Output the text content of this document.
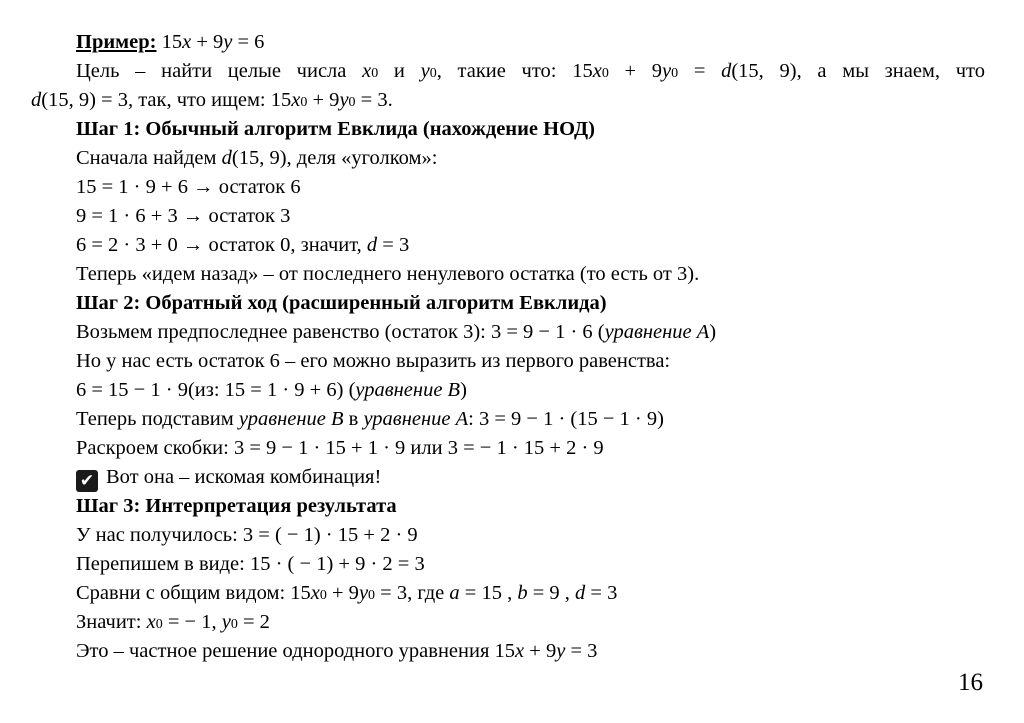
Пример: 15x + 9y = 6
Цель – найти целые числа x0 и y0, такие что: 15x0 + 9y0 = d(15, 9), а мы знаем, что
d(15, 9) = 3, так, что ищем: 15x0 + 9y0 = 3.
Шаг 1: Обычный алгоритм Евклида (нахождение НОД)
Сначала найдем d(15, 9), деля «уголком»:
15 = 1 · 9 + 6 → остаток 6
9 = 1 · 6 + 3 → остаток 3
6 = 2 · 3 + 0 → остаток 0, значит, d = 3
Теперь «идем назад» – от последнего ненулевого остатка (то есть от 3).
Шаг 2: Обратный ход (расширенный алгоритм Евклида)
Возьмем предпоследнее равенство (остаток 3): 3 = 9 − 1 · 6 (уравнение A)
Но у нас есть остаток 6 – его можно выразить из первого равенства:
6 = 15 − 1 · 9(из: 15 = 1 · 9 + 6) (уравнение B)
Теперь подставим уравнение B в уравнение A: 3 = 9 − 1 · (15 − 1 · 9)
Раскроем скобки: 3 = 9 − 1 · 15 + 1 · 9 или 3 = − 1 · 15 + 2 · 9
✔ Вот она – искомая комбинация!
Шаг 3: Интерпретация результата
У нас получилось: 3 = ( − 1) · 15 + 2 · 9
Перепишем в виде: 15 · ( − 1) + 9 · 2 = 3
Сравни с общим видом: 15x0 + 9y0 = 3, где a = 15 , b = 9 , d = 3
Значит: x0 = − 1, y0 = 2
Это – частное решение однородного уравнения 15x + 9y = 3
16
